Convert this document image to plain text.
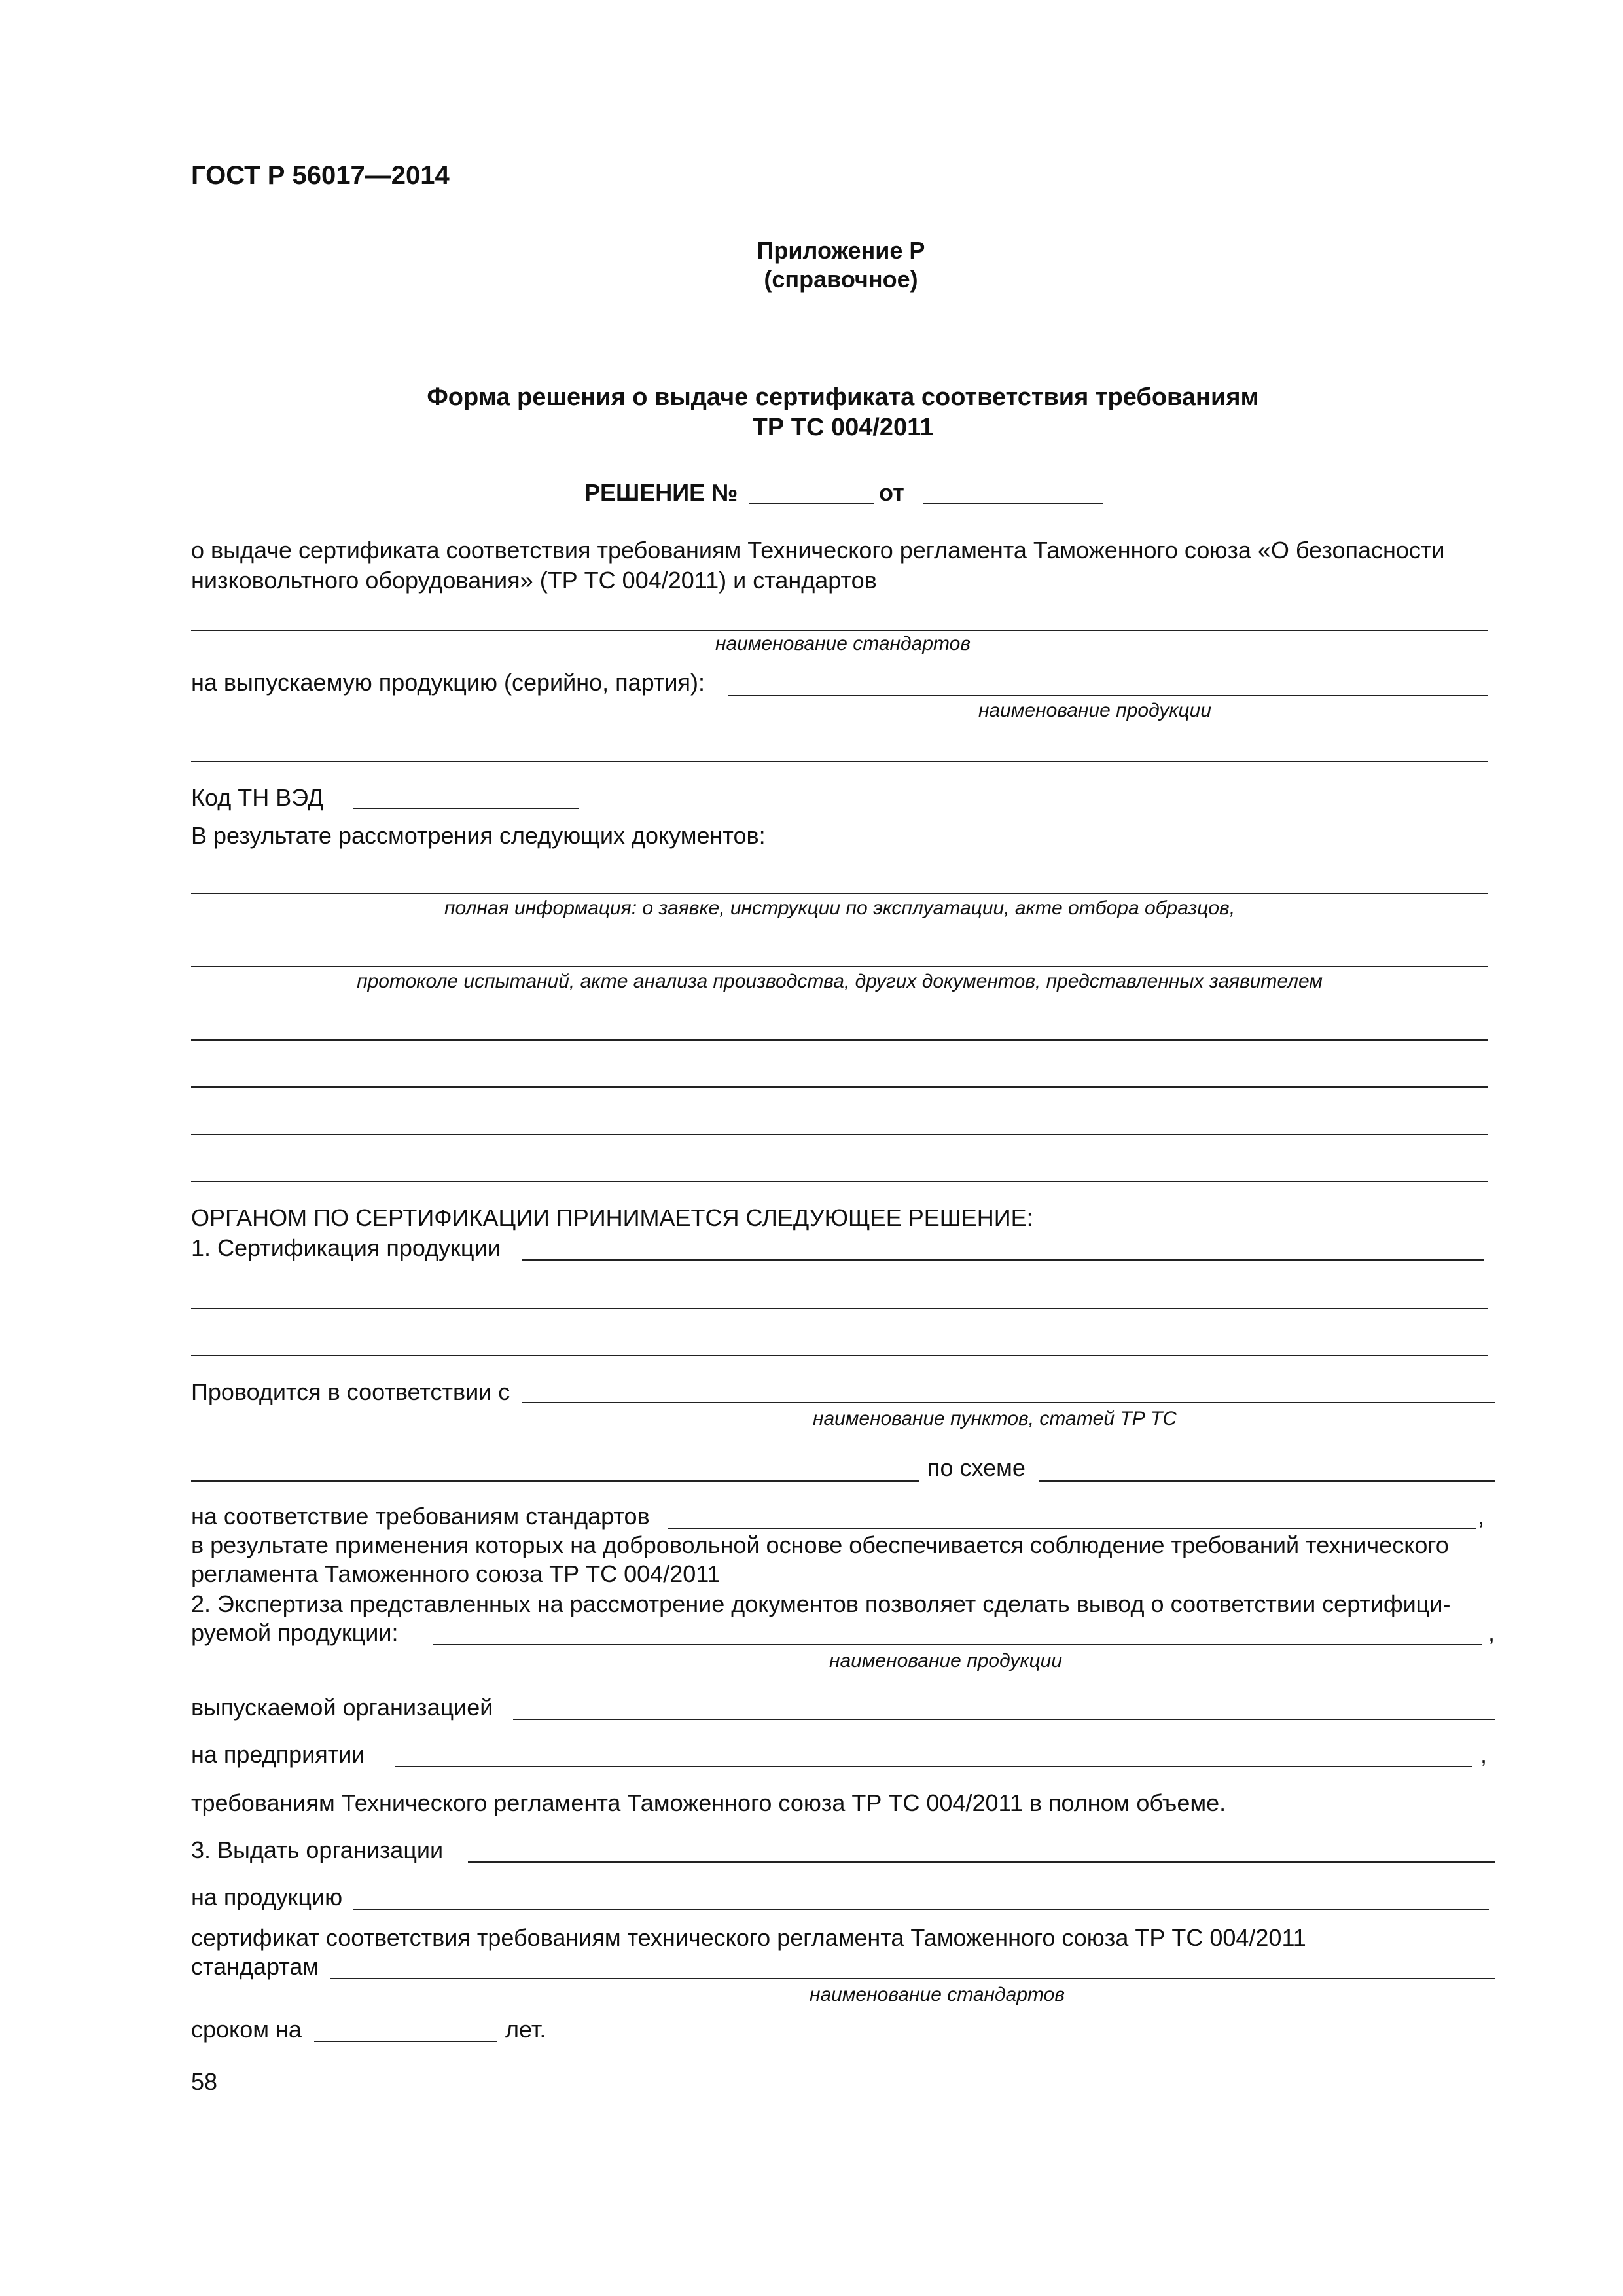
ГОСТ Р 56017—2014
Приложение Р
(справочное)
Форма решения о выдаче сертификата соответствия требованиям
ТР ТС 004/2011
РЕШЕНИЕ №	от
о выдаче сертификата соответствия требованиям Технического регламента Таможенного союза «О безопасности
низковольтного оборудования» (ТР ТС 004/2011) и стандартов
наименование стандартов
на выпускаемую продукцию (серийно, партия):
наименование продукции
Код ТН ВЭД
В результате рассмотрения следующих документов:
полная информация: о заявке, инструкции по эксплуатации, акте отбора образцов,
протоколе испытаний, акте анализа производства, других документов, представленных заявителем
ОРГАНОМ ПО СЕРТИФИКАЦИИ ПРИНИМАЕТСЯ СЛЕДУЮЩЕЕ РЕШЕНИЕ:
1. Сертификация продукции
Проводится в соответствии с
наименование пунктов, статей ТР ТС
по схеме
на соответствие требованиям стандартов	,
в результате применения которых на добровольной основе обеспечивается соблюдение требований технического
регламента Таможенного союза ТР ТС 004/2011
2. Экспертиза представленных на рассмотрение документов позволяет сделать вывод о соответствии сертифици-
руемой продукции:	,
наименование продукции
выпускаемой организацией
на предприятии	,
требованиям Технического регламента Таможенного союза ТР ТС 004/2011 в полном объеме.
3. Выдать организации
на продукцию
сертификат соответствия требованиям технического регламента Таможенного союза ТР ТС 004/2011
стандартам
наименование стандартов
сроком на	лет.
58
